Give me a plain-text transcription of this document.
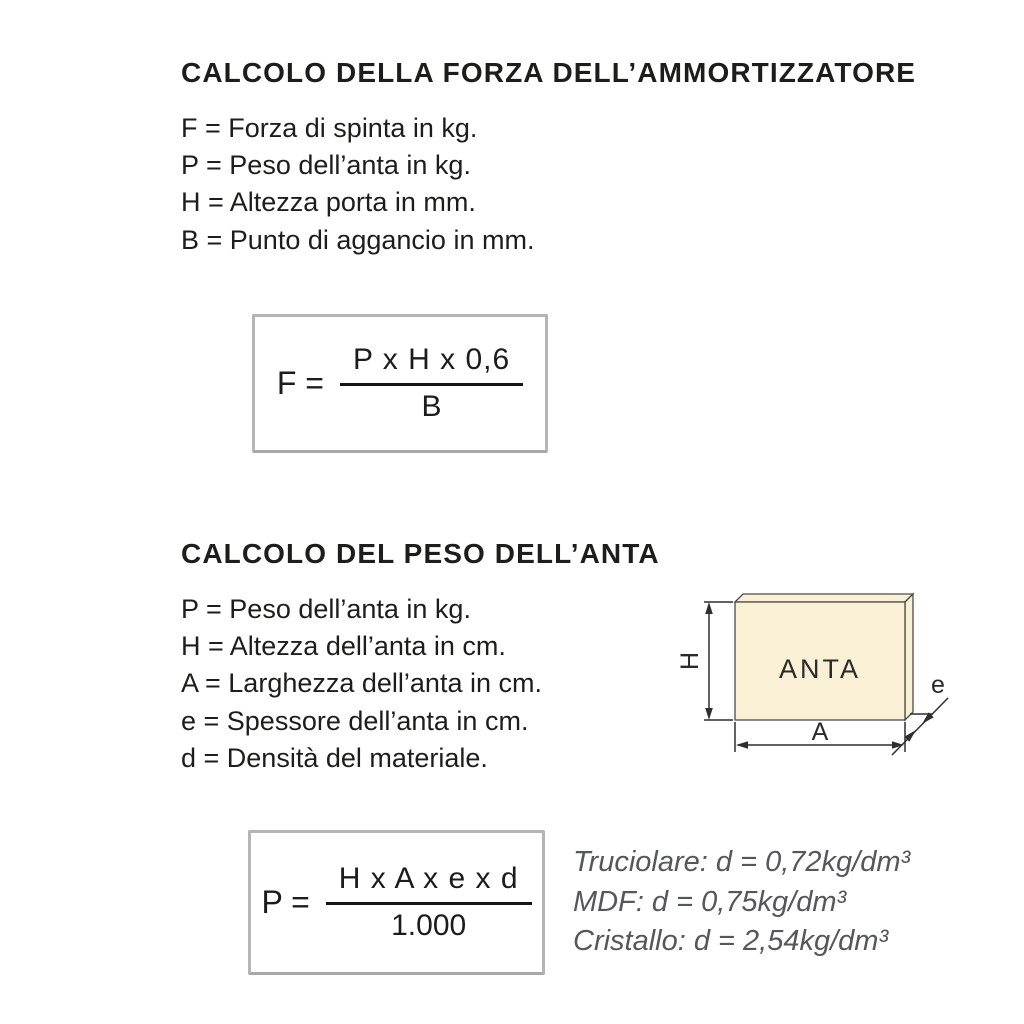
CALCOLO DELLA FORZA DELL’AMMORTIZZATORE
F = Forza di spinta in kg.
P = Peso dell’anta in kg.
H = Altezza porta in mm.
B = Punto di aggancio in mm.
$F = \frac{\text{P x H x 0,6}}{B}$
CALCOLO DEL PESO DELL’ANTA
P = Peso dell’anta in kg.
H = Altezza dell’anta in cm.
A = Larghezza dell’anta in cm.
e = Spessore dell’anta in cm.
d = Densità del materiale.
ANTA
H
A
e
$P = \frac{\text{H x A x e x d}}{1.000}$ Truciolare: d = 0,72kg/dm³
MDF: d = 0,75kg/dm³
Cristallo: d = 2,54kg/dm³
